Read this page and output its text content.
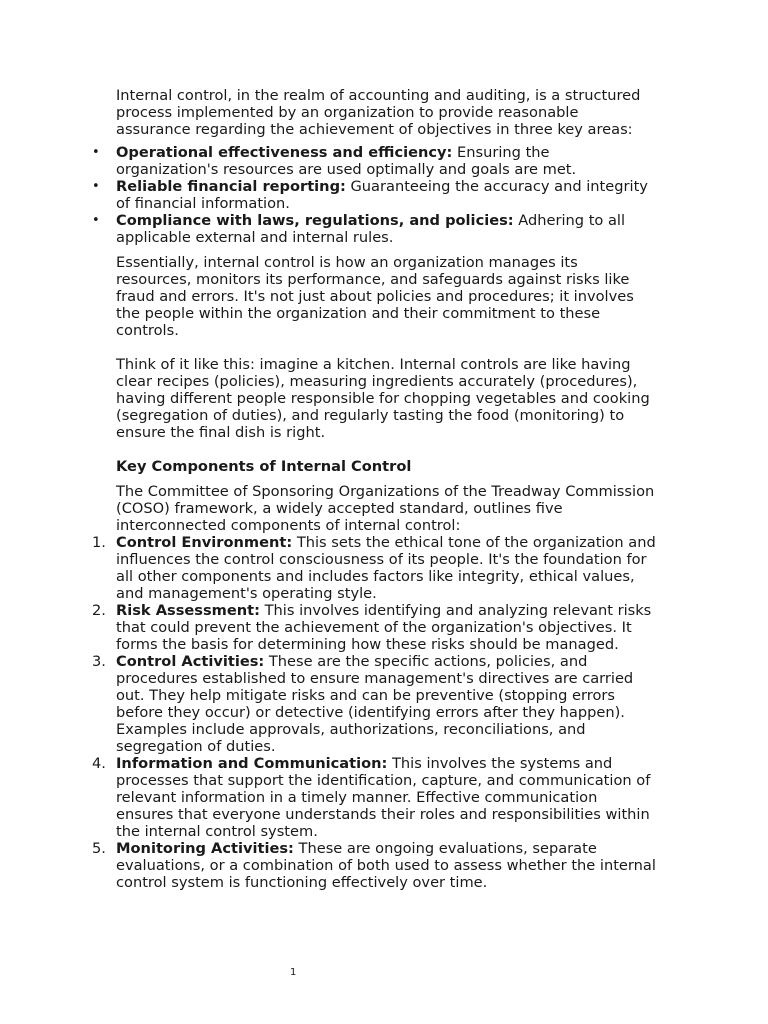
Internal control, in the realm of accounting and auditing, is a structured process implemented by an organization to provide reasonable assurance regarding the achievement of objectives in three key areas:

• Operational effectiveness and efficiency: Ensuring the organization's resources are used optimally and goals are met.
• Reliable financial reporting: Guaranteeing the accuracy and integrity of financial information.
• Compliance with laws, regulations, and policies: Adhering to all applicable external and internal rules.

Essentially, internal control is how an organization manages its resources, monitors its performance, and safeguards against risks like fraud and errors. It's not just about policies and procedures; it involves the people within the organization and their commitment to these controls.

Think of it like this: imagine a kitchen. Internal controls are like having clear recipes (policies), measuring ingredients accurately (procedures), having different people responsible for chopping vegetables and cooking (segregation of duties), and regularly tasting the food (monitoring) to ensure the final dish is right.

Key Components of Internal Control

The Committee of Sponsoring Organizations of the Treadway Commission (COSO) framework, a widely accepted standard, outlines five interconnected components of internal control:

1. Control Environment: This sets the ethical tone of the organization and influences the control consciousness of its people. It's the foundation for all other components and includes factors like integrity, ethical values, and management's operating style.
2. Risk Assessment: This involves identifying and analyzing relevant risks that could prevent the achievement of the organization's objectives. It forms the basis for determining how these risks should be managed.
3. Control Activities: These are the specific actions, policies, and procedures established to ensure management's directives are carried out. They help mitigate risks and can be preventive (stopping errors before they occur) or detective (identifying errors after they happen). Examples include approvals, authorizations, reconciliations, and segregation of duties.
4. Information and Communication: This involves the systems and processes that support the identification, capture, and communication of relevant information in a timely manner. Effective communication ensures that everyone understands their roles and responsibilities within the internal control system.
5. Monitoring Activities: These are ongoing evaluations, separate evaluations, or a combination of both used to assess whether the internal control system is functioning effectively over time.
1
